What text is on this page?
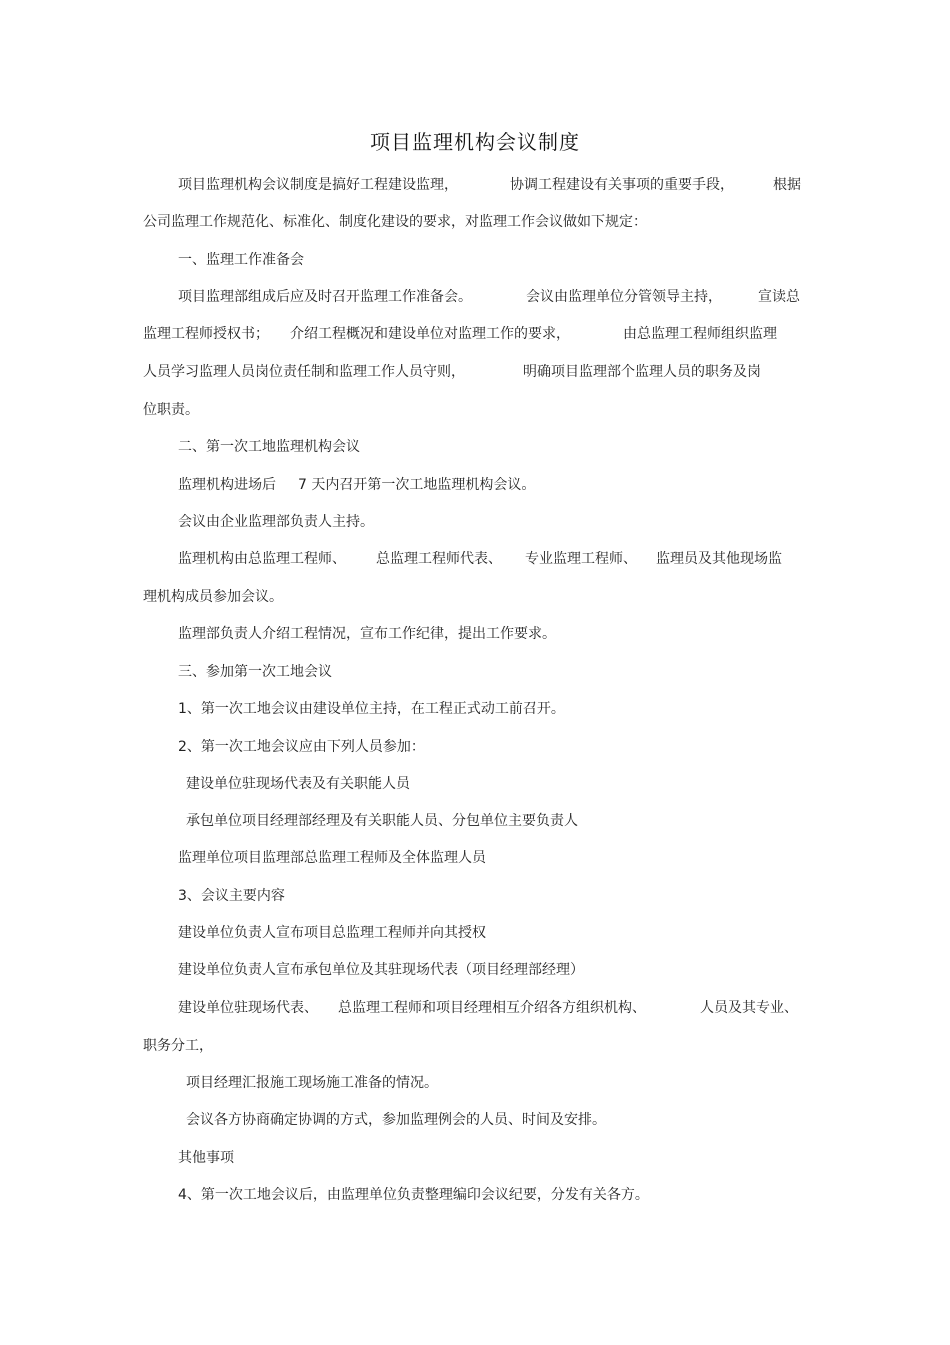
项目监理机构会议制度
项目监理机构会议制度是搞好工程建设监理，	协调工程建设有关事项的重要手段，	根据
公司监理工作规范化、标准化、制度化建设的要求，对监理工作会议做如下规定：
一、监理工作准备会
项目监理部组成后应及时召开监理工作准备会。	会议由监理单位分管领导主持，	宣读总
监理工程师授权书； 介绍工程概况和建设单位对监理工作的要求，	由总监理工程师组织监理
人员学习监理人员岗位责任制和监理工作人员守则，	明确项目监理部个监理人员的职务及岗
位职责。
二、第一次工地监理机构会议
监理机构进场后 7 天内召开第一次工地监理机构会议。
会议由企业监理部负责人主持。
监理机构由总监理工程师、 总监理工程师代表、 专业监理工程师、 监理员及其他现场监
理机构成员参加会议。
监理部负责人介绍工程情况，宣布工作纪律，提出工作要求。
三、参加第一次工地会议
1、第一次工地会议由建设单位主持，在工程正式动工前召开。
2、第一次工地会议应由下列人员参加：
建设单位驻现场代表及有关职能人员
承包单位项目经理部经理及有关职能人员、分包单位主要负责人
监理单位项目监理部总监理工程师及全体监理人员
3、会议主要内容
建设单位负责人宣布项目总监理工程师并向其授权
建设单位负责人宣布承包单位及其驻现场代表（项目经理部经理）
建设单位驻现场代表、 总监理工程师和项目经理相互介绍各方组织机构、	人员及其专业、
职务分工，
项目经理汇报施工现场施工准备的情况。
会议各方协商确定协调的方式，参加监理例会的人员、时间及安排。
其他事项
4、第一次工地会议后，由监理单位负责整理编印会议纪要，分发有关各方。
